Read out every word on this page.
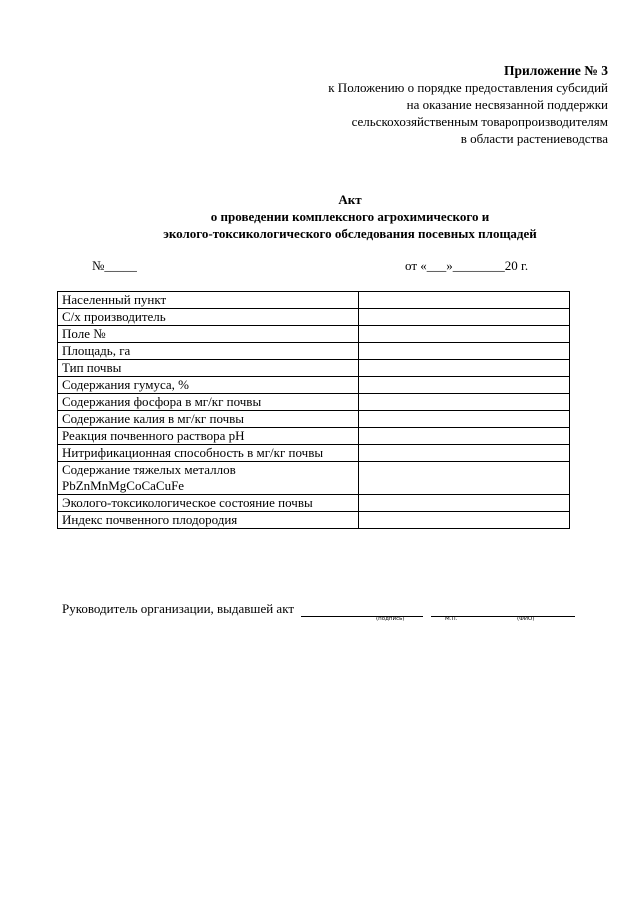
Приложение № 3
к Положению о порядке предоставления субсидий
на оказание несвязанной поддержки
сельскохозяйственным товаропроизводителям
в области растениеводства
Акт
о проведении комплексного агрохимического и
эколого-токсикологического обследования посевных площадей
№_____	от «___»________20 г.
Населенный пункт	
С/х производитель	
Поле №	
Площадь, га	
Тип почвы	
Содержания гумуса, %	
Содержания фосфора в мг/кг почвы	
Содержание калия в мг/кг почвы	
Реакция почвенного раствора pH	
Нитрификационная способность в мг/кг почвы	
Содержание тяжелых металлов PbZnMnMgCoCaCuFe	
Эколого-токсикологическое состояние почвы	
Индекс почвенного плодородия	
Руководитель организации, выдавшей акт
(подпись)	М.П.	(ФИО)
